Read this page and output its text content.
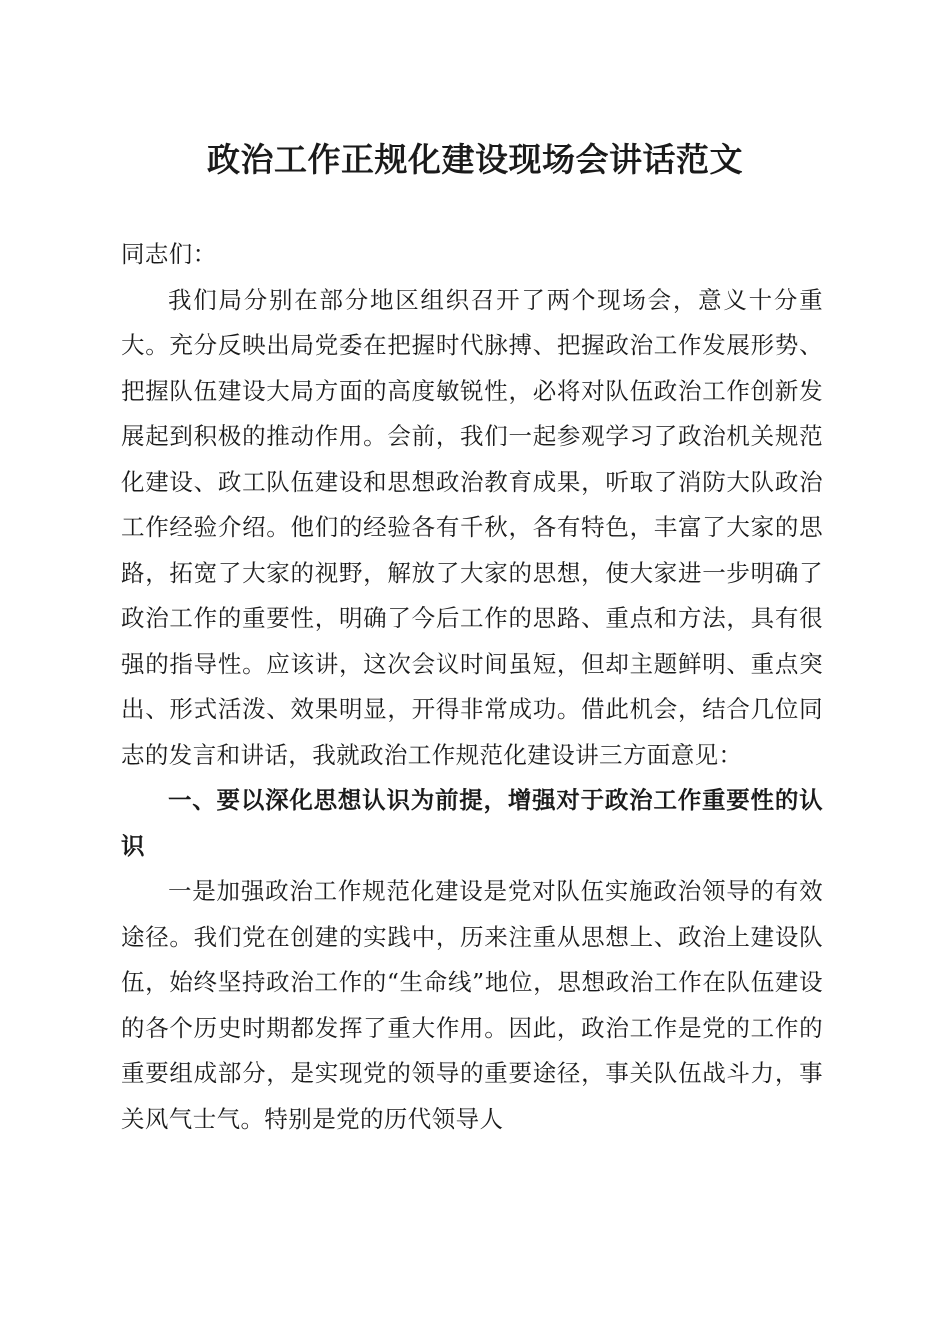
政治工作正规化建设现场会讲话范文

同志们：

我们局分别在部分地区组织召开了两个现场会，意义十分重大。充分反映出局党委在把握时代脉搏、把握政治工作发展形势、把握队伍建设大局方面的高度敏锐性，必将对队伍政治工作创新发展起到积极的推动作用。会前，我们一起参观学习了政治机关规范化建设、政工队伍建设和思想政治教育成果，听取了消防大队政治工作经验介绍。他们的经验各有千秋，各有特色，丰富了大家的思路，拓宽了大家的视野，解放了大家的思想，使大家进一步明确了政治工作的重要性，明确了今后工作的思路、重点和方法，具有很强的指导性。应该讲，这次会议时间虽短，但却主题鲜明、重点突出、形式活泼、效果明显，开得非常成功。借此机会，结合几位同志的发言和讲话，我就政治工作规范化建设讲三方面意见：

一、要以深化思想认识为前提，增强对于政治工作重要性的认识

一是加强政治工作规范化建设是党对队伍实施政治领导的有效途径。我们党在创建的实践中，历来注重从思想上、政治上建设队伍，始终坚持政治工作的“生命线”地位，思想政治工作在队伍建设的各个历史时期都发挥了重大作用。因此，政治工作是党的工作的重要组成部分，是实现党的领导的重要途径，事关队伍战斗力，事关风气士气。特别是党的历代领导人
